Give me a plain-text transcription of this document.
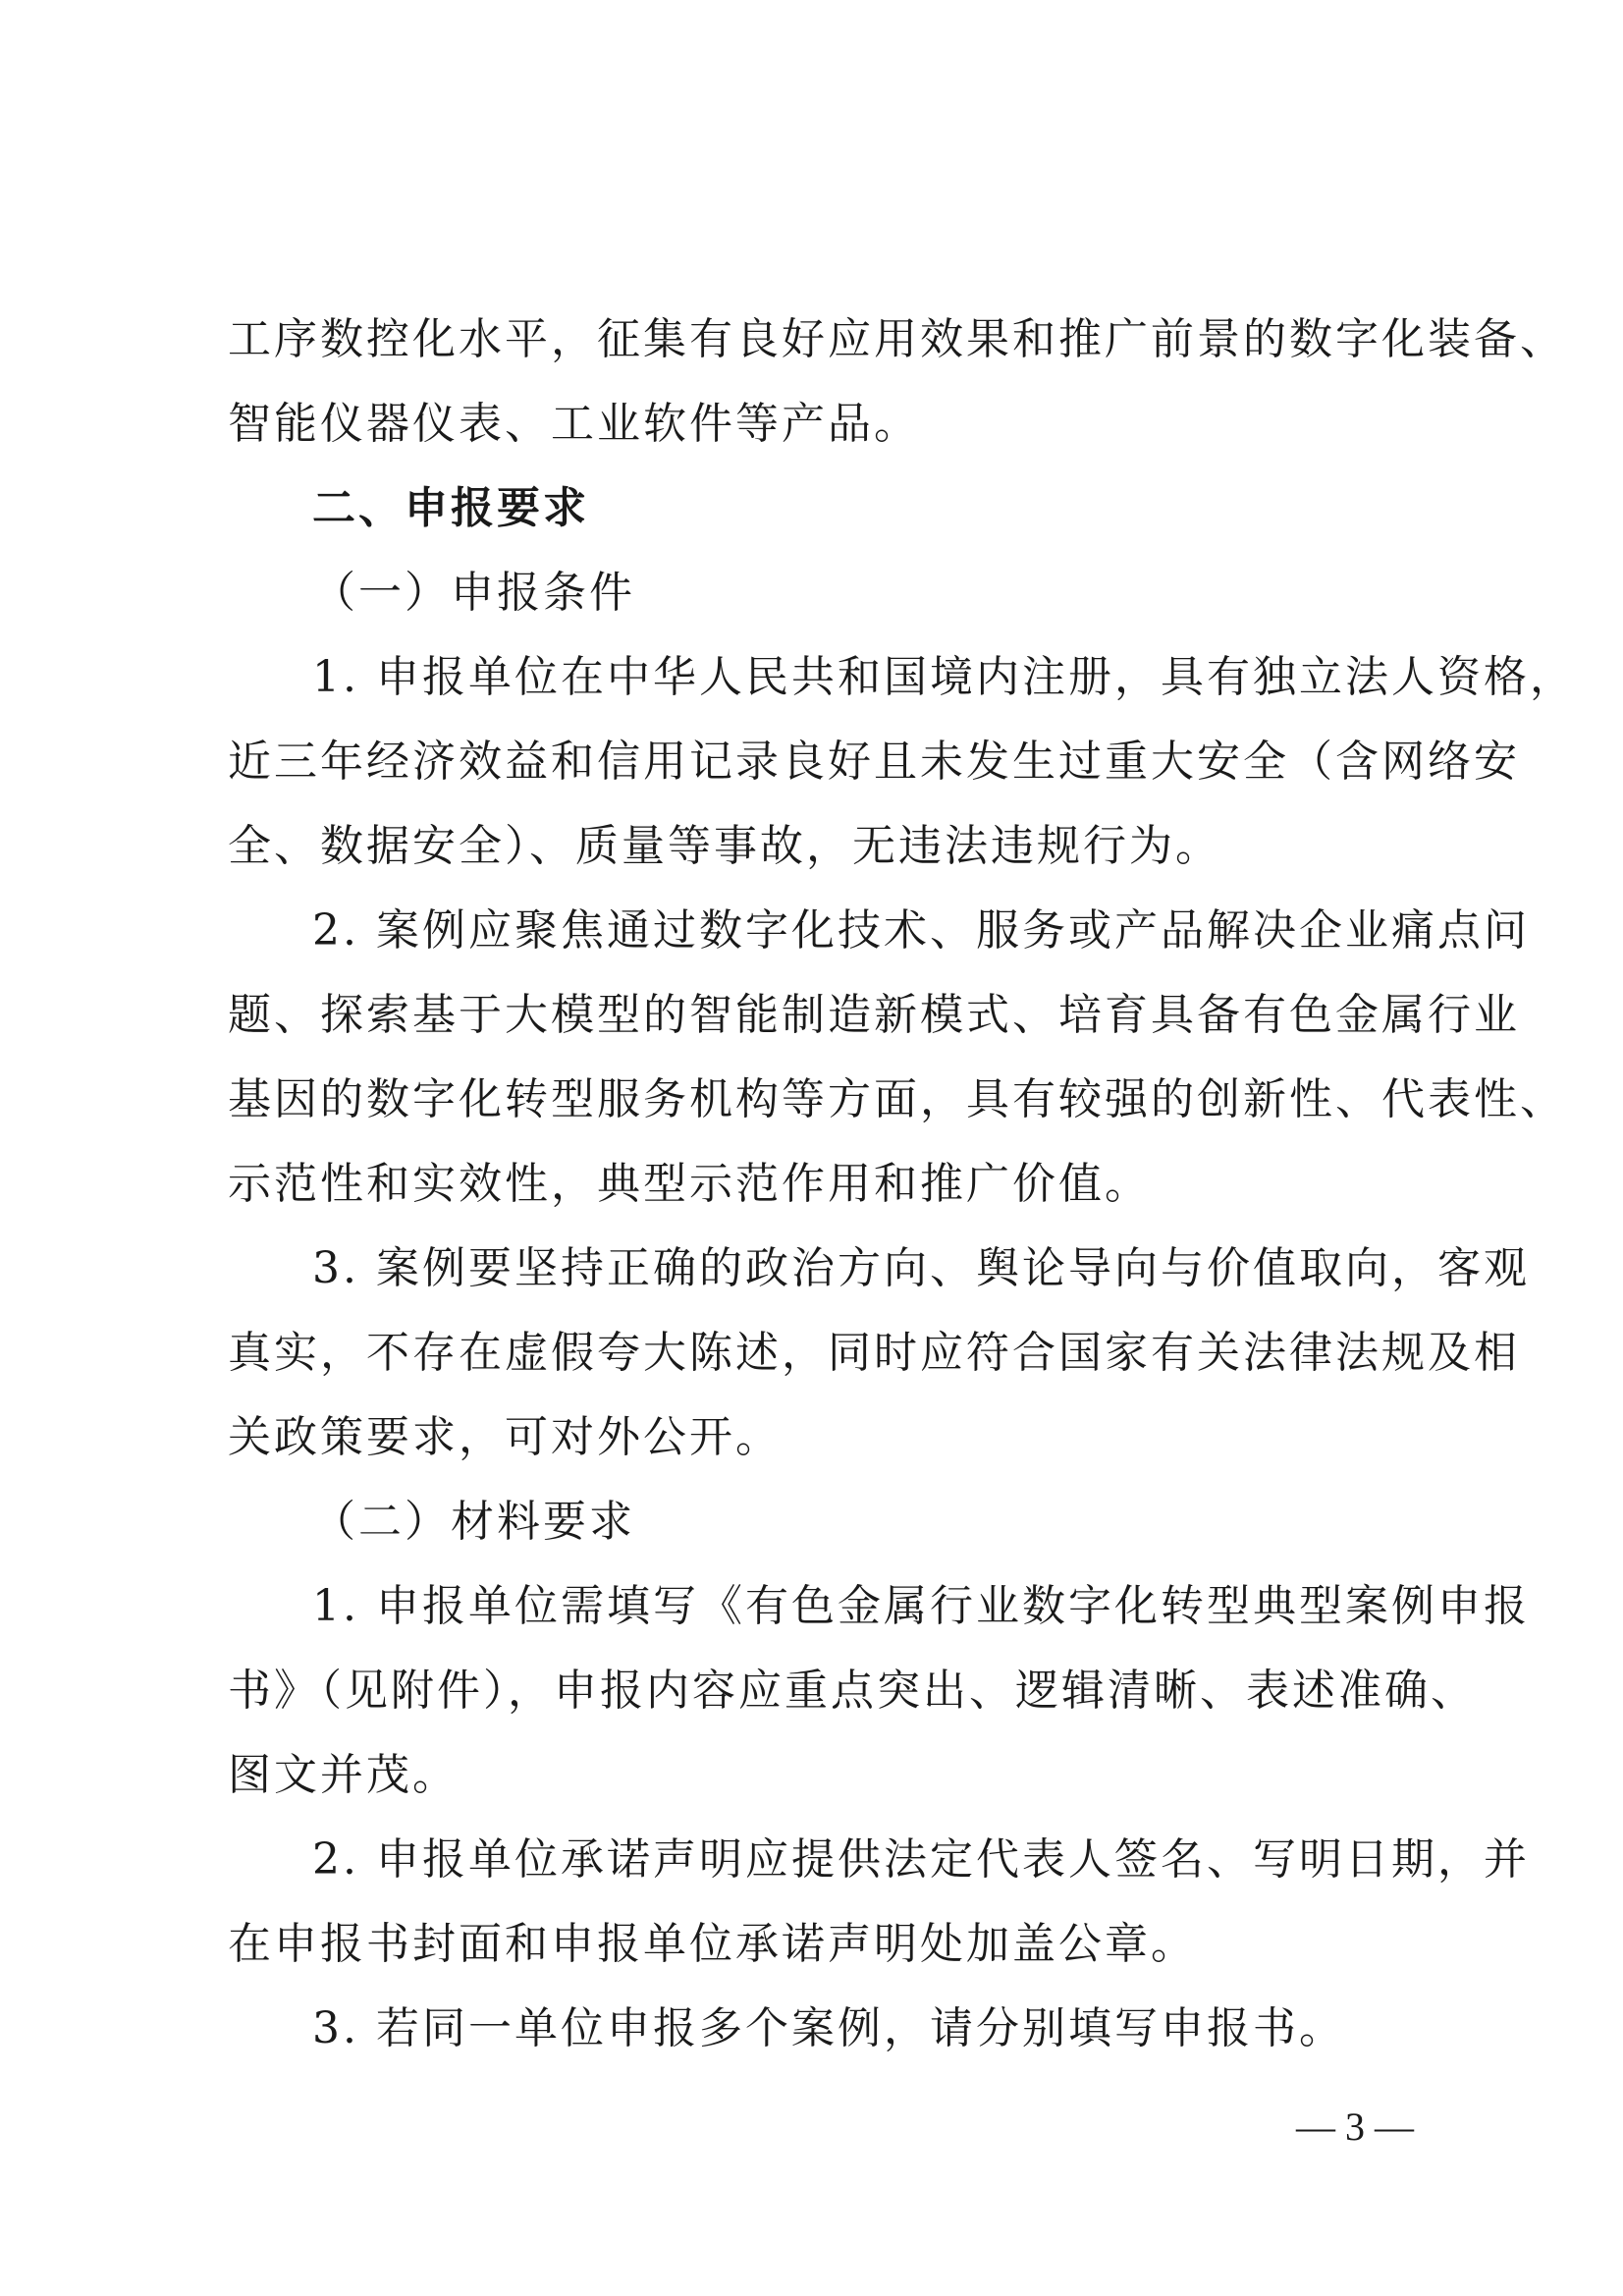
工序数控化水平，征集有良好应用效果和推广前景的数字化装备、
智能仪器仪表、工业软件等产品。
二、申报要求
（一）申报条件
1. 申报单位在中华人民共和国境内注册，具有独立法人资格，
近三年经济效益和信用记录良好且未发生过重大安全（含网络安
全、数据安全）、质量等事故，无违法违规行为。
2. 案例应聚焦通过数字化技术、服务或产品解决企业痛点问
题、探索基于大模型的智能制造新模式、培育具备有色金属行业
基因的数字化转型服务机构等方面，具有较强的创新性、代表性、
示范性和实效性，典型示范作用和推广价值。
3. 案例要坚持正确的政治方向、舆论导向与价值取向，客观
真实，不存在虚假夸大陈述，同时应符合国家有关法律法规及相
关政策要求，可对外公开。
（二）材料要求
1. 申报单位需填写《有色金属行业数字化转型典型案例申报
书》（见附件），申报内容应重点突出、逻辑清晰、表述准确、
图文并茂。
2. 申报单位承诺声明应提供法定代表人签名、写明日期，并
在申报书封面和申报单位承诺声明处加盖公章。
3. 若同一单位申报多个案例，请分别填写申报书。
— 3 —
